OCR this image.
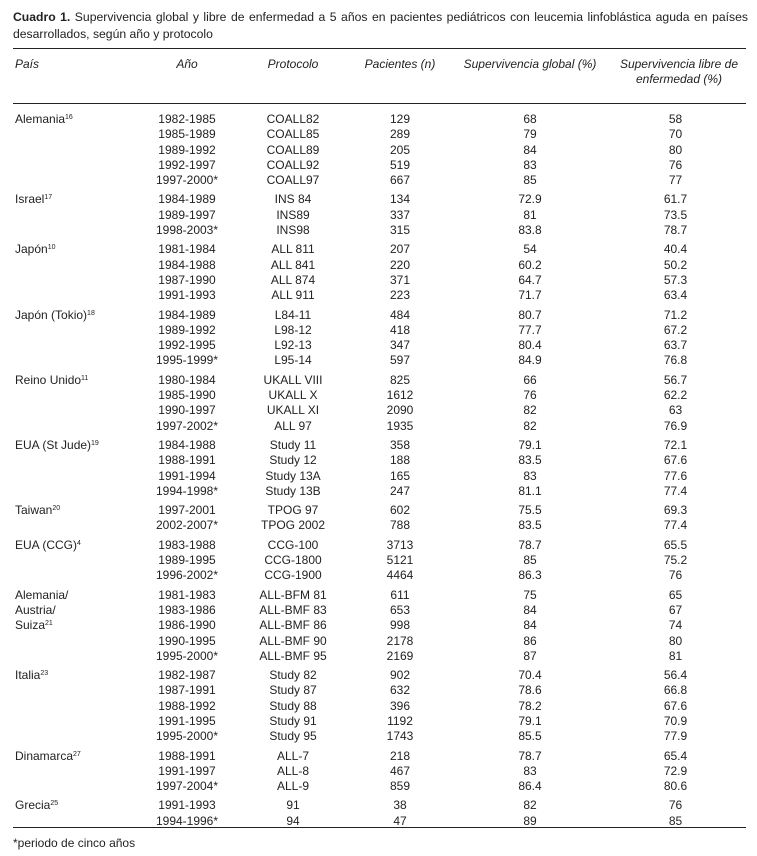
Cuadro 1. Supervivencia global y libre de enfermedad a 5 años en pacientes pediátricos con leucemia linfoblástica aguda en países desarrollados, según año y protocolo
País	Año	Protocolo	Pacientes (n)	Supervivencia global (%)	Supervivencia libre de enfermedad (%)
Alemania$^{16}$	1982-1985	COALL82	129	68	58
	1985-1989	COALL85	289	79	70
	1989-1992	COALL89	205	84	80
	1992-1997	COALL92	519	83	76
	1997-2000*	COALL97	667	85	77
Israel$^{17}$	1984-1989	INS 84	134	72.9	61.7
	1989-1997	INS89	337	81	73.5
	1998-2003*	INS98	315	83.8	78.7
Japón$^{10}$	1981-1984	ALL 811	207	54	40.4
	1984-1988	ALL 841	220	60.2	50.2
	1987-1990	ALL 874	371	64.7	57.3
	1991-1993	ALL 911	223	71.7	63.4
Japón (Tokio)$^{18}$	1984-1989	L84-11	484	80.7	71.2
	1989-1992	L98-12	418	77.7	67.2
	1992-1995	L92-13	347	80.4	63.7
	1995-1999*	L95-14	597	84.9	76.8
Reino Unido$^{11}$	1980-1984	UKALL VIII	825	66	56.7
	1985-1990	UKALL X	1612	76	62.2
	1990-1997	UKALL XI	2090	82	63
	1997-2002*	ALL 97	1935	82	76.9
EUA (St Jude)$^{19}$	1984-1988	Study 11	358	79.1	72.1
	1988-1991	Study 12	188	83.5	67.6
	1991-1994	Study 13A	165	83	77.6
	1994-1998*	Study 13B	247	81.1	77.4
Taiwan$^{20}$	1997-2001	TPOG 97	602	75.5	69.3
	2002-2007*	TPOG 2002	788	83.5	77.4
EUA (CCG)$^4$	1983-1988	CCG-100	3713	78.7	65.5
	1989-1995	CCG-1800	5121	85	75.2
	1996-2002*	CCG-1900	4464	86.3	76
Alemania/
Austria/
Suiza$^{21}$	1981-1983	ALL-BFM 81	611	75	65
	1983-1986	ALL-BMF 83	653	84	67
	1986-1990	ALL-BMF 86	998	84	74
	1990-1995	ALL-BMF 90	2178	86	80
	1995-2000*	ALL-BMF 95	2169	87	81
Italia$^{23}$	1982-1987	Study 82	902	70.4	56.4
	1987-1991	Study 87	632	78.6	66.8
	1988-1992	Study 88	396	78.2	67.6
	1991-1995	Study 91	1192	79.1	70.9
	1995-2000*	Study 95	1743	85.5	77.9
Dinamarca$^{27}$	1988-1991	ALL-7	218	78.7	65.4
	1991-1997	ALL-8	467	83	72.9
	1997-2004*	ALL-9	859	86.4	80.6
Grecia$^{25}$	1991-1993	91	38	82	76
	1994-1996*	94	47	89	85
*periodo de cinco años
